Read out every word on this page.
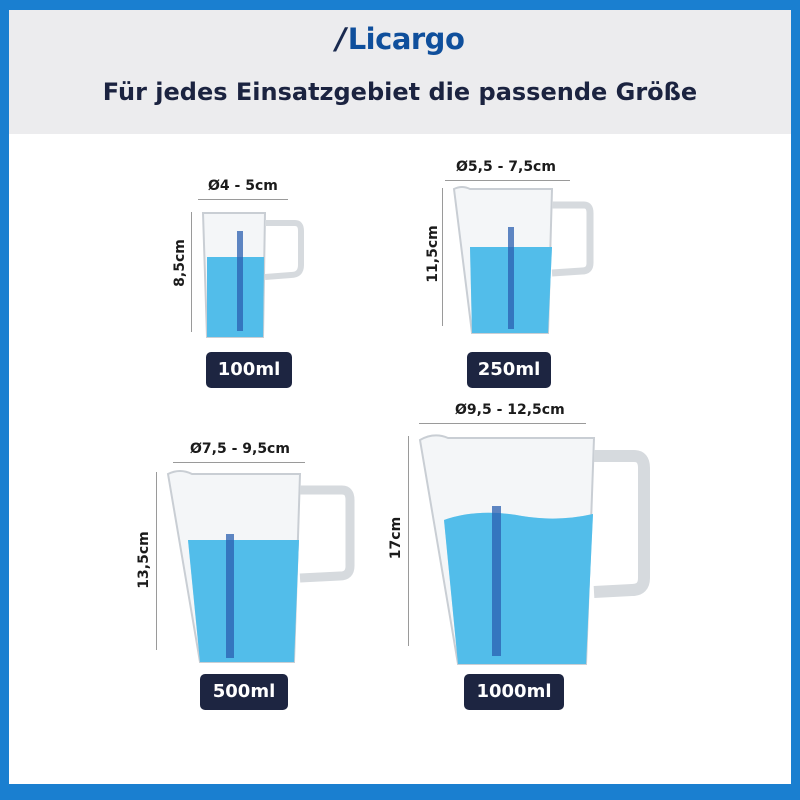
/Licargo
Für jedes Einsatzgebiet die passende Größe
Ø4 - 5cm
8,5cm
100ml
Ø5,5 - 7,5cm
11,5cm
250ml
Ø7,5 - 9,5cm
13,5cm
500ml
Ø9,5 - 12,5cm
17cm
1000ml
